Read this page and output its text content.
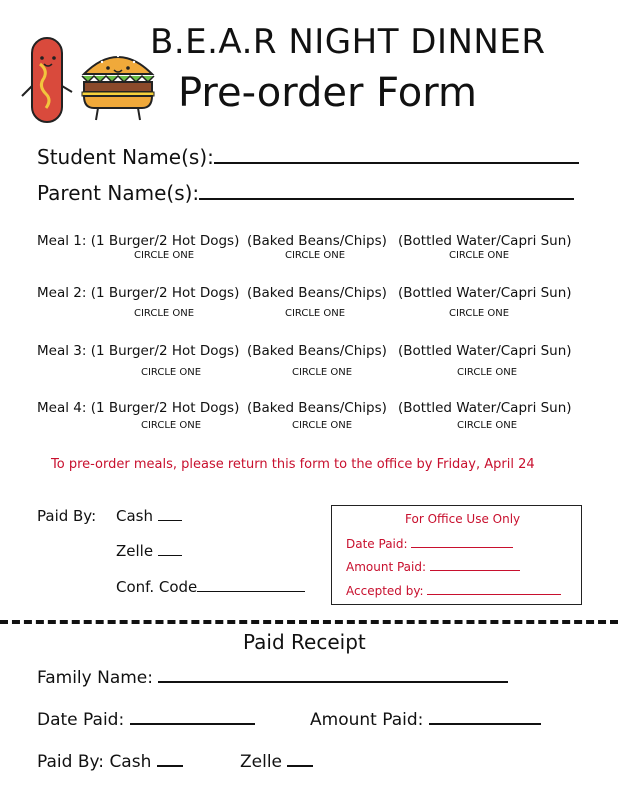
B.E.A.R NIGHT DINNER
Pre-order Form
Student Name(s):
Parent Name(s):
Meal 1: (1 Burger/2 Hot Dogs) (Baked Beans/Chips) (Bottled Water/Capri Sun)
CIRCLE ONE	CIRCLE ONE	CIRCLE ONE
Meal 2: (1 Burger/2 Hot Dogs) (Baked Beans/Chips) (Bottled Water/Capri Sun)
CIRCLE ONE	CIRCLE ONE	CIRCLE ONE
Meal 3: (1 Burger/2 Hot Dogs) (Baked Beans/Chips) (Bottled Water/Capri Sun)
CIRCLE ONE	CIRCLE ONE	CIRCLE ONE
Meal 4: (1 Burger/2 Hot Dogs) (Baked Beans/Chips) (Bottled Water/Capri Sun)
CIRCLE ONE	CIRCLE ONE	CIRCLE ONE
To pre-order meals, please return this form to the office by Friday, April 24
Paid By: Cash
Zelle
Conf. Code
For Office Use Only
Date Paid:
Amount Paid:
Accepted by:
Paid Receipt
Family Name:
Date Paid:	Amount Paid:
Paid By: Cash	Zelle
